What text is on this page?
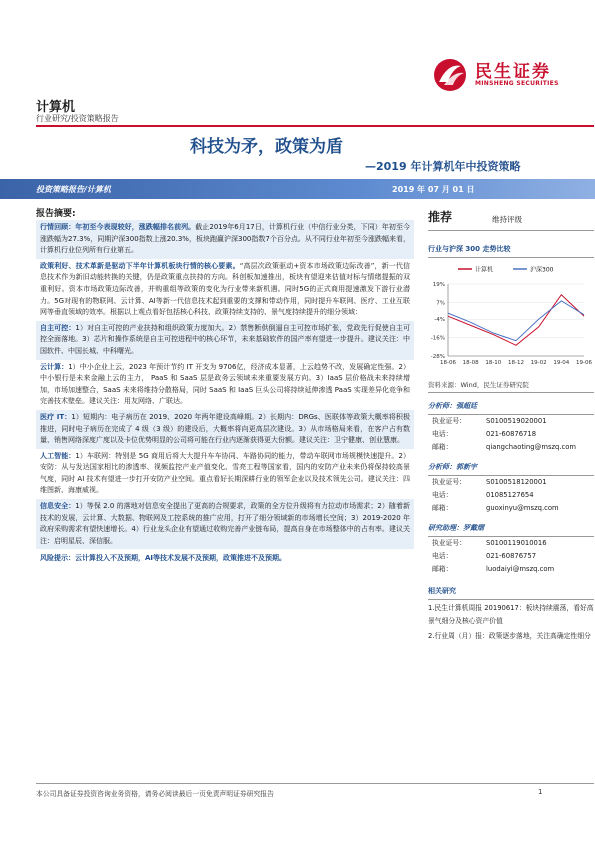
计算机
行业研究/投资策略报告
民生证券
MINSHENG SECURITIES
科技为矛，政策为盾
—2019 年计算机年中投资策略
投资策略报告/计算机	2019 年 07 月 01 日
报告摘要:
行情回顾：年初至今表现较好，涨跌幅排名前列。截止2019年6月17日，计算机行业（中信行业分类，下同）年初至今涨跌幅为27.3%，同期沪深300指数上涨20.3%，板块跑赢沪深300指数7个百分点。从不同行业年初至今涨跌幅来看，计算机行业位列所有行业第五。
政策利好、技术革新是驱动下半年计算机板块行情的核心要素。“高层次政策驱动+资本市场政策边际改善”，新一代信息技术作为新旧动能转换的关键，仍是政策重点扶持的方向。科创板加速推出，板块有望迎来估值对标与情绪提振的双重利好。资本市场政策边际改善，并购重组等政策的变化为行业带来新机遇。同时5G的正式商用提速激发下游行业潜力。5G对现有的物联网、云计算、AI等新一代信息技术起到重要的支撑和带动作用，同时提升车联网、医疗、工业互联网等垂直领域的效率。根据以上观点看好包括核心科技、政策持续支持的、景气度持续提升的细分领域：
自主可控：1）对自主可控的产业扶持和组织政策力度加大。2）禁售断供倒逼自主可控市场扩张，党政先行促使自主可控全面落地。3）芯片和操作系统是自主可控进程中的核心环节，未来基础软件的国产率有望进一步提升。建议关注：中国软件、中国长城、中科曙光。
云计算：1）中小企业上云，2023 年预计节约 IT 开支为 9706亿，经济成本显著，上云趋势不改，发展确定性强。2）中小银行是未来金融上云的主力， PaaS 和 SaaS 层是政务云领域未来重要发展方向。3）IaaS 层价格战未来持续增加，市场加速整合，SaaS 未来将维持分散格局，同时 SaaS 和 IaaS 巨头公司将持续延伸渗透 PaaS 实现差异化竞争和完善技术壁垒。建议关注：用友网络、广联达。
医疗 IT：1）短期内：电子病历在 2019、2020 年两年建设高峰期。2）长期内：DRGs、医联体等政策大概率将积极推进，同时电子病历在完成了 4 级（3 级）的建设后，大概率将向更高层次建设。3）从市场格局来看，在客户占有数量、销售网络深度广度以及卡位优势明显的公司将可能在行业内逐渐获得更大份额。建议关注：卫宁健康、创业慧康。
人工智能：1）车联网：特别是 5G 商用后将大大提升车车协同、车路协同的能力，带动车联网市场规模快速提升。2）安防：从与发达国家相比的渗透率、视频监控产业产值变化、雪亮工程等国家看，国内的安防产业未来仍将保持较高景气度，同时 AI 技术有望进一步打开安防产业空间。重点看好长期深耕行业的领军企业以及技术领先公司。建议关注：四维图新、海康威视。
信息安全：1）等保 2.0 的落地对信息安全提出了更高的合规要求，政策的全方位升级将有力拉动市场需求；2）随着新技术的发展，云计算、大数据、物联网及工控系统的推广应用，打开了细分领域新的市场增长空间；3）2019-2020 年政府采购需求有望快速增长。4）行业龙头企业有望通过收购完善产业链布局，提高自身在市场整体中的占有率。建议关注：启明星辰、深信服。
风险提示：云计算投入不及预期，AI等技术发展不及预期，政策推进不及预期。
推荐	维持评级
行业与沪深 300 走势比较
计算机	沪深300
19%
7%
-4%
-16%
-28%
18-06 18-08 18-10 18-12 19-02 19-04 19-06
资料来源：Wind，民生证券研究院
分析师：强超廷
执业证号：	S0100519020001
电话：	021-60876718
邮箱：	qiangchaoting@mszq.com
分析师：郭新宇
执业证号：	S0100518120001
电话：	01085127654
邮箱：	guoxinyu@mszq.com
研究助理：罗戴熠
执业证号：	S0100119010016
电话：	021-60876757
邮箱：	luodaiyi@mszq.com
相关研究
1.民生计算机周报 20190617：板块持续震荡，看好高景气细分及核心资产价值
2.行业周（月）报：政策逐步落地，关注高确定性细分
本公司具备证券投资咨询业务资格，请务必阅读最后一页免责声明证券研究报告	1
